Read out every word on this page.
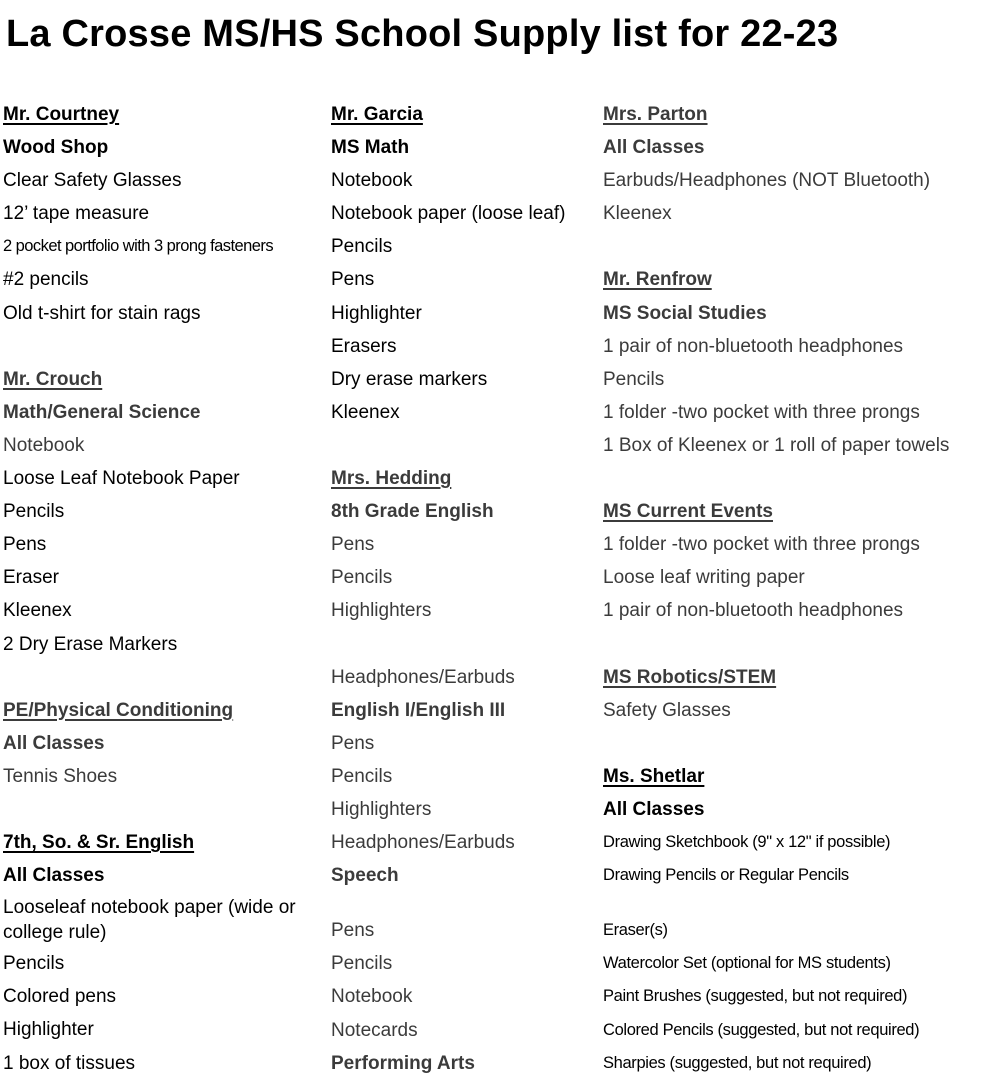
La Crosse MS/HS School Supply list for 22-23
Mr. Courtney
Wood Shop
Clear Safety Glasses
12’ tape measure
2 pocket portfolio with 3 prong fasteners
#2 pencils
Old t-shirt for stain rags
Mr. Crouch
Math/General Science
Notebook
Loose Leaf Notebook Paper
Pencils
Pens
Eraser
Kleenex
2 Dry Erase Markers
PE/Physical Conditioning
All Classes
Tennis Shoes
7th, So. & Sr. English
All Classes
Looseleaf notebook paper (wide or college rule)
Pencils
Colored pens
Highlighter
1 box of tissues
Mr. Garcia
MS Math
Notebook
Notebook paper (loose leaf)
Pencils
Pens
Highlighter
Erasers
Dry erase markers
Kleenex
Mrs. Hedding
8th Grade English
Pens
Pencils
Highlighters
Headphones/Earbuds
English I/English III
Pens
Pencils
Highlighters
Headphones/Earbuds
Speech
Pens
Pencils
Notebook
Notecards
Performing Arts
Mrs. Parton
All Classes
Earbuds/Headphones (NOT Bluetooth)
Kleenex
Mr. Renfrow
MS Social Studies
1 pair of non-bluetooth headphones
Pencils
1 folder -two pocket with three prongs
1 Box of Kleenex or 1 roll of paper towels
MS Current Events
1 folder -two pocket with three prongs
Loose leaf writing paper
1 pair of non-bluetooth headphones
MS Robotics/STEM
Safety Glasses
Ms. Shetlar
All Classes
Drawing Sketchbook (9" x 12" if possible)
Drawing Pencils or Regular Pencils
Eraser(s)
Watercolor Set (optional for MS students)
Paint Brushes (suggested, but not required)
Colored Pencils (suggested, but not required)
Sharpies (suggested, but not required)
